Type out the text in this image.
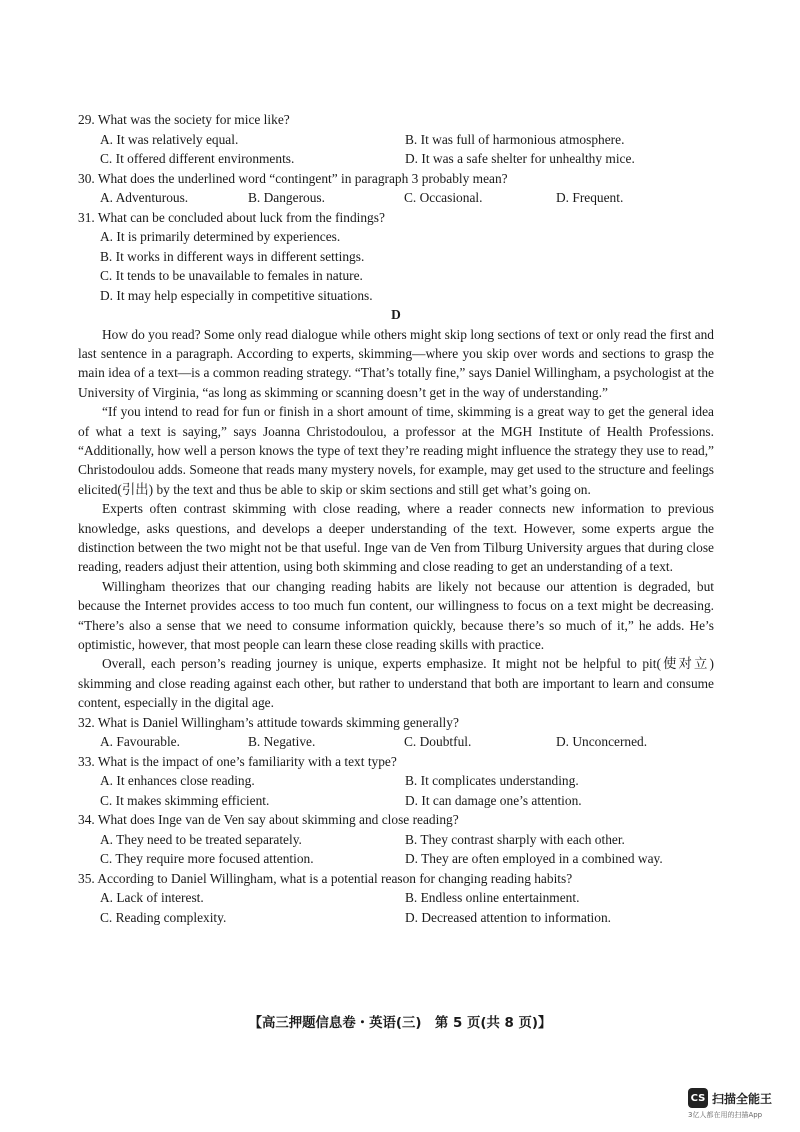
29. What was the society for mice like?

A. It was relatively equal.	B. It was full of harmonious atmosphere.
C. It offered different environments.	D. It was a safe shelter for unhealthy mice.

30. What does the underlined word “contingent” in paragraph 3 probably mean?

A. Adventurous.	B. Dangerous.	C. Occasional.	D. Frequent.

31. What can be concluded about luck from the findings?

A. It is primarily determined by experiences.
B. It works in different ways in different settings.
C. It tends to be unavailable to females in nature.
D. It may help especially in competitive situations.

D

How do you read? Some only read dialogue while others might skip long sections of text or only read the first and last sentence in a paragraph. According to experts, skimming—where you skip over words and sections to grasp the main idea of a text—is a common reading strategy. “That’s totally fine,” says Daniel Willingham, a psychologist at the University of Virginia, “as long as skimming or scanning doesn’t get in the way of understanding.”

“If you intend to read for fun or finish in a short amount of time, skimming is a great way to get the general idea of what a text is saying,” says Joanna Christodoulou, a professor at the MGH Institute of Health Professions. “Additionally, how well a person knows the type of text they’re reading might influence the strategy they use to read,” Christodoulou adds. Someone that reads many mystery novels, for example, may get used to the structure and feelings elicited(引出) by the text and thus be able to skip or skim sections and still get what’s going on.

Experts often contrast skimming with close reading, where a reader connects new information to previous knowledge, asks questions, and develops a deeper understanding of the text. However, some experts argue the distinction between the two might not be that useful. Inge van de Ven from Tilburg University argues that during close reading, readers adjust their attention, using both skimming and close reading to get an understanding of a text.

Willingham theorizes that our changing reading habits are likely not because our attention is degraded, but because the Internet provides access to too much fun content, our willingness to focus on a text might be decreasing. “There’s also a sense that we need to consume information quickly, because there’s so much of it,” he adds. He’s optimistic, however, that most people can learn these close reading skills with practice.

Overall, each person’s reading journey is unique, experts emphasize. It might not be helpful to pit(使对立) skimming and close reading against each other, but rather to understand that both are important to learn and consume content, especially in the digital age.

32. What is Daniel Willingham’s attitude towards skimming generally?

A. Favourable.	B. Negative.	C. Doubtful.	D. Unconcerned.

33. What is the impact of one’s familiarity with a text type?

A. It enhances close reading.	B. It complicates understanding.
C. It makes skimming efficient.	D. It can damage one’s attention.

34. What does Inge van de Ven say about skimming and close reading?

A. They need to be treated separately.	B. They contrast sharply with each other.
C. They require more focused attention.	D. They are often employed in a combined way.

35. According to Daniel Willingham, what is a potential reason for changing reading habits?

A. Lack of interest.	B. Endless online entertainment.
C. Reading complexity.	D. Decreased attention to information.
【高三押题信息卷・英语(三)　第 5 页(共 8 页)】
CS 扫描全能王
3亿人都在用的扫描App
